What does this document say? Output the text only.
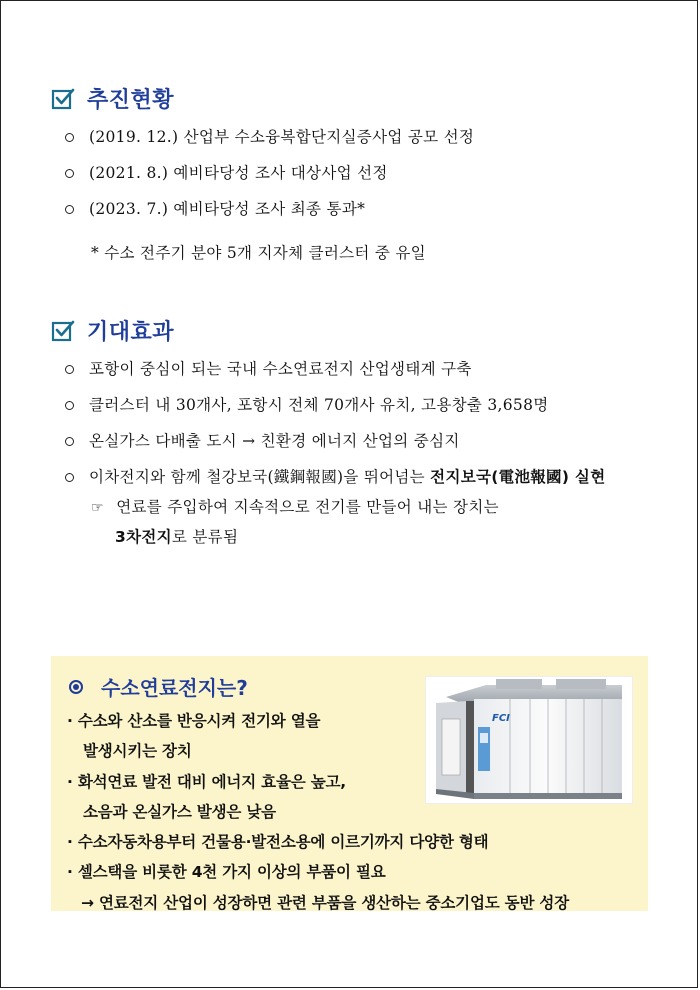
추진현황
(2019. 12.) 산업부 수소융복합단지실증사업 공모 선정
(2021. 8.) 예비타당성 조사 대상사업 선정
(2023. 7.) 예비타당성 조사 최종 통과*
* 수소 전주기 분야 5개 지자체 클러스터 중 유일
기대효과
포항이 중심이 되는 국내 수소연료전지 산업생태계 구축
클러스터 내 30개사, 포항시 전체 70개사 유치, 고용창출 3,658명
온실가스 다배출 도시 → 친환경 에너지 산업의 중심지
이차전지와 함께 철강보국(鐵鋼報國)을 뛰어넘는 전지보국(電池報國) 실현
☞ 연료를 주입하여 지속적으로 전기를 만들어 내는 장치는
3차전지로 분류됨
수소연료전지는?
· 수소와 산소를 반응시켜 전기와 열을
발생시키는 장치
· 화석연료 발전 대비 에너지 효율은 높고,
소음과 온실가스 발생은 낮음
· 수소자동차용부터 건물용·발전소용에 이르기까지 다양한 형태
· 셀스택을 비롯한 4천 가지 이상의 부품이 필요
→ 연료전지 산업이 성장하면 관련 부품을 생산하는 중소기업도 동반 성장
FCI
